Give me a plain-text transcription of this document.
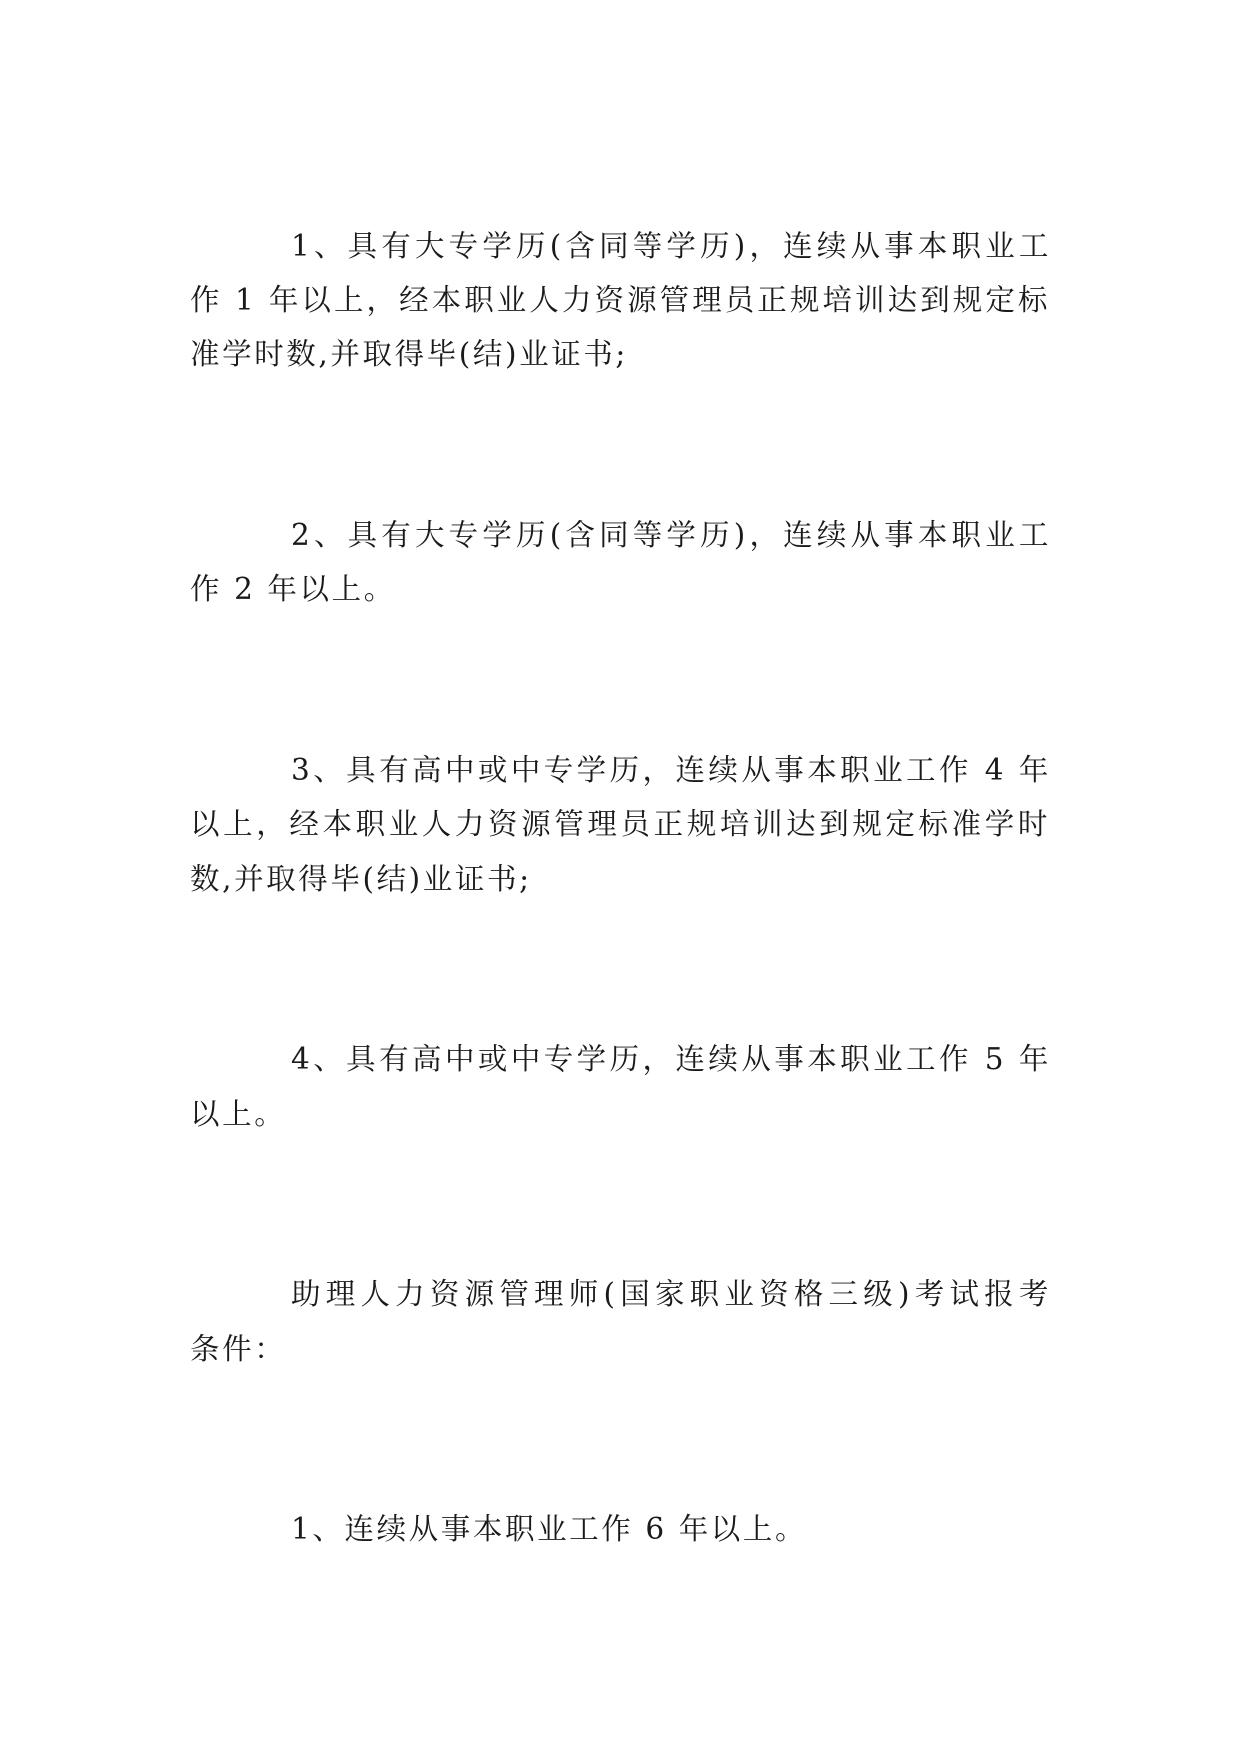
1、具有大专学历(含同等学历)，连续从事本职业工
作 1 年以上，经本职业人力资源管理员正规培训达到规定标
准学时数,并取得毕(结)业证书;
2、具有大专学历(含同等学历)，连续从事本职业工
作 2 年以上。
3、具有高中或中专学历，连续从事本职业工作 4 年
以上，经本职业人力资源管理员正规培训达到规定标准学时
数,并取得毕(结)业证书;
4、具有高中或中专学历，连续从事本职业工作 5 年
以上。
助理人力资源管理师(国家职业资格三级)考试报考
条件：
1、连续从事本职业工作 6 年以上。
